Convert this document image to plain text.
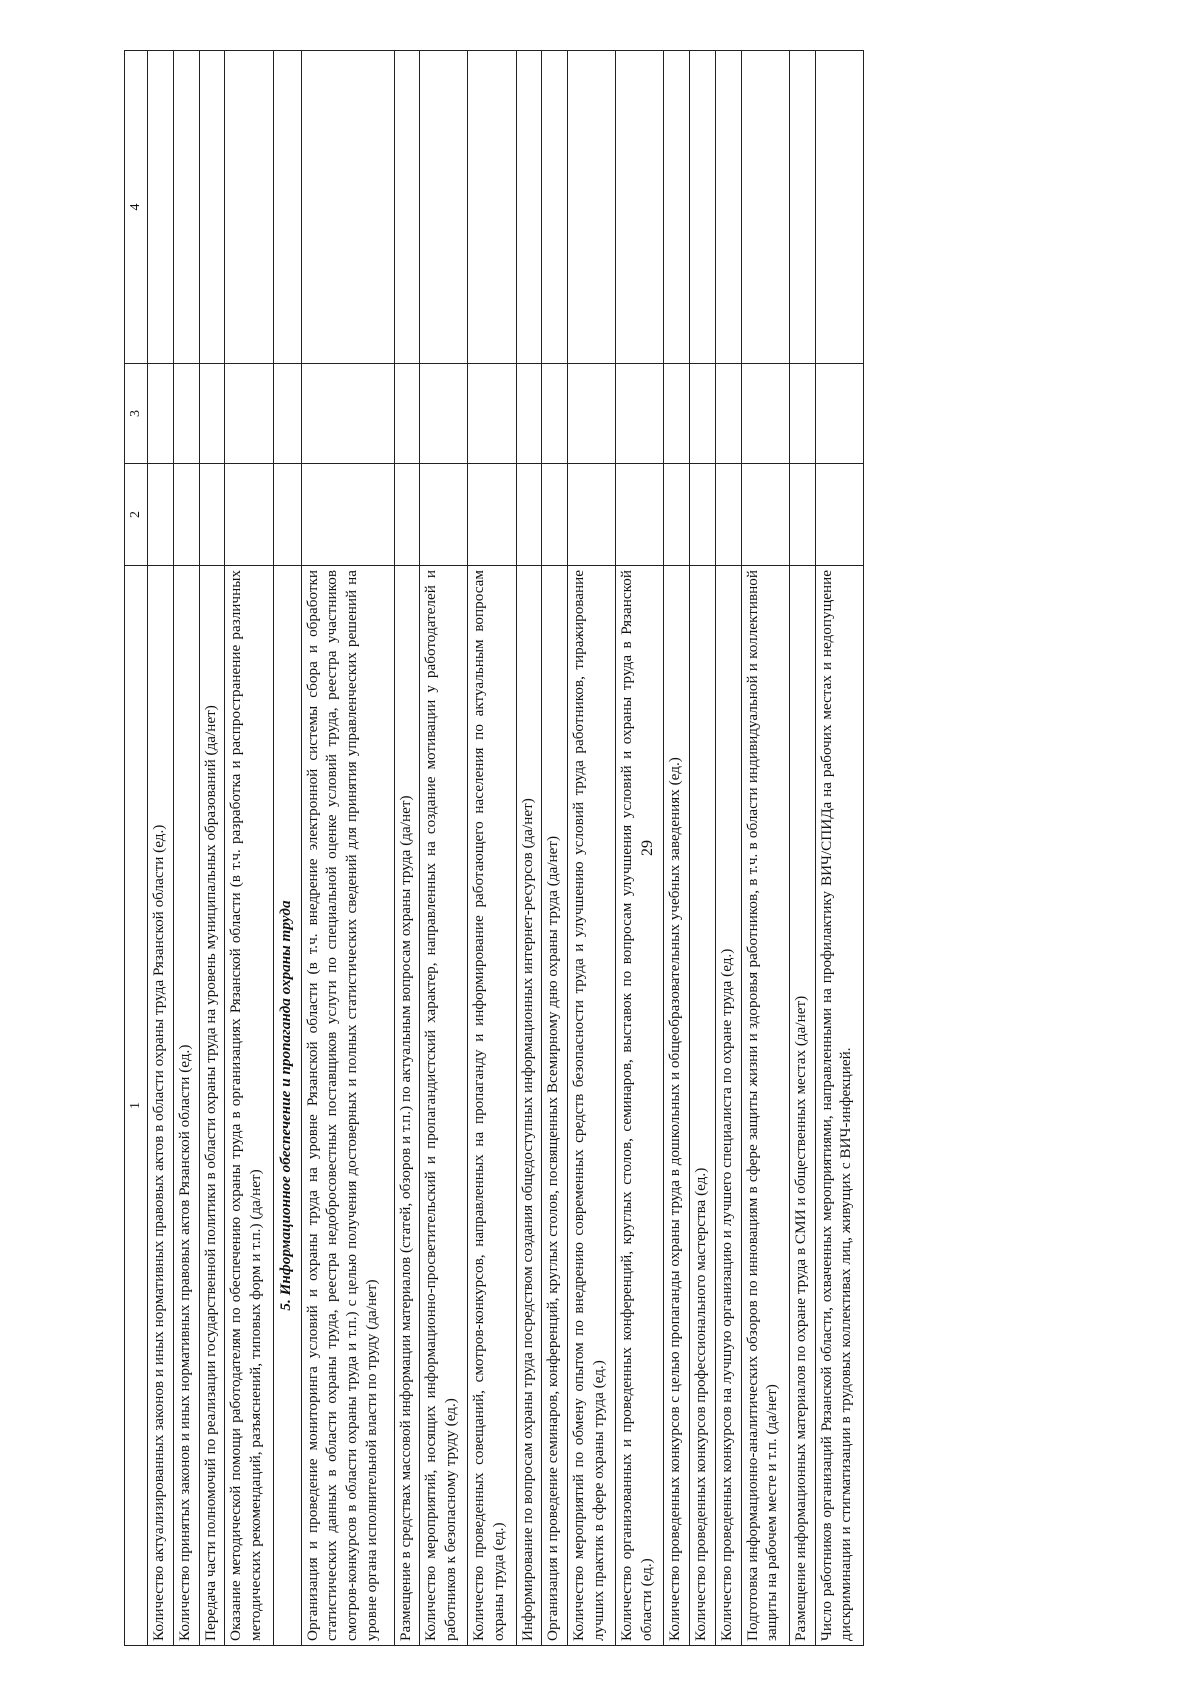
29
1	2	3	4
Количество актуализированных законов и иных нормативных правовых актов в области охраны труда Рязанской области (ед.)			
Количество принятых законов и иных нормативных правовых актов Рязанской области (ед.)			
Передача части полномочий по реализации государственной политики в области охраны труда на уровень муниципальных образований (да/нет)			
Оказание методической помощи работодателям по обеспечению охраны труда в организациях Рязанской области (в т.ч. разработка и распространение различных методических рекомендаций, разъяснений, типовых форм и т.п.) (да/нет)			
5. Информационное обеспечение и пропаганда охраны труда			
Организация и проведение мониторинга условий и охраны труда на уровне Рязанской области (в т.ч. внедрение электронной системы сбора и обработки статистических данных в области охраны труда, реестра недобросовестных поставщиков услуги по специальной оценке условий труда, реестра участников смотров-конкурсов в области охраны труда и т.п.) с целью получения достоверных и полных статистических сведений для принятия управленческих решений на уровне органа исполнительной власти по труду (да/нет)			
Размещение в средствах массовой информации материалов (статей, обзоров и т.п.) по актуальным вопросам охраны труда (да/нет)			
Количество мероприятий, носящих информационно-просветительский и пропагандистский характер, направленных на создание мотивации у работодателей и работников к безопасному труду (ед.)			
Количество проведенных совещаний, смотров-конкурсов, направленных на пропаганду и информирование работающего населения по актуальным вопросам охраны труда (ед.)			
Информирование по вопросам охраны труда посредством создания общедоступных информационных интернет-ресурсов (да/нет)			
Организация и проведение семинаров, конференций, круглых столов, посвященных Всемирному дню охраны труда (да/нет)			
Количество мероприятий по обмену опытом по внедрению современных средств безопасности труда и улучшению условий труда работников, тиражирование лучших практик в сфере охраны труда (ед.)			
Количество организованных и проведенных конференций, круглых столов, семинаров, выставок по вопросам улучшения условий и охраны труда в Рязанской области (ед.)			
Количество проведенных конкурсов с целью пропаганды охраны труда в дошкольных и общеобразовательных учебных заведениях (ед.)			
Количество проведенных конкурсов профессионального мастерства (ед.)			
Количество проведенных конкурсов на лучшую организацию и лучшего специалиста по охране труда (ед.)			
Подготовка информационно-аналитических обзоров по инновациям в сфере защиты жизни и здоровья работников, в т.ч. в области индивидуальной и коллективной защиты на рабочем месте и т.п. (да/нет)			
Размещение информационных материалов по охране труда в СМИ и общественных местах (да/нет)			
Число работников организаций Рязанской области, охваченных мероприятиями, направленными на профилактику ВИЧ/СПИДа на рабочих местах и недопущение дискриминации и стигматизации в трудовых коллективах лиц, живущих с ВИЧ-инфекцией.			
